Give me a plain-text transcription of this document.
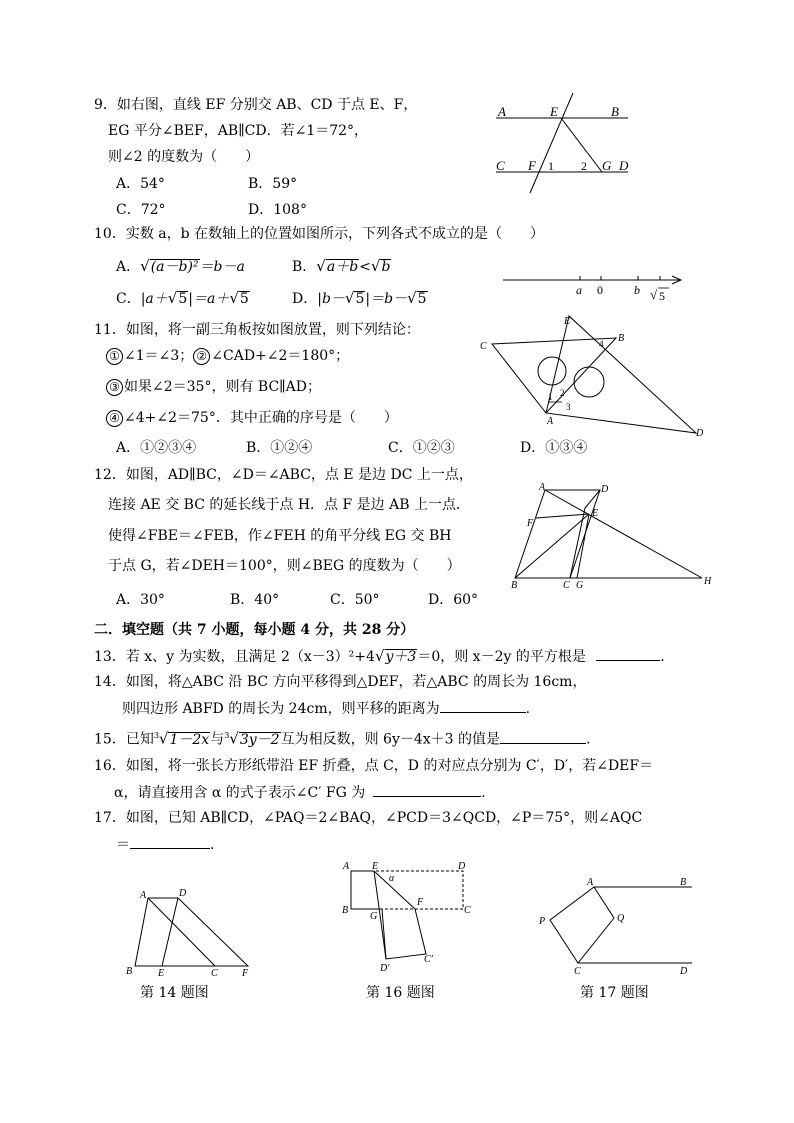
9．如右图，直线 EF 分别交 AB、CD 于点 E、F，
EG 平分∠BEF，AB∥CD．若∠1＝72°，
则∠2 的度数为（　　）
A．54°	B．59°
C．72°	D．108°
A	E	B
C F 1 2 G D
10．实数 a，b 在数轴上的位置如图所示，下列各式不成立的是（　　）
A．√(a－b)²＝b－a	B．√a＋b<√b
C．|a＋√5|＝a＋√5	D．|b－√5|＝b－√5
a 0	b √ 5
11．如图，将一副三角板按如图放置，则下列结论：
① ∠1＝∠3； ② ∠CAD+∠2＝180°；
③ 如果∠2＝35°，则有 BC∥AD；
④ ∠4+∠2＝75°．其中正确的序号是（　　）
A．①②③④	B．①②④	C．①②③	D．①③④
E
C
B
4
1 2
3
A
D
12．如图，AD∥BC，∠D＝∠ABC，点 E 是边 DC 上一点，
连接 AE 交 BC 的延长线于点 H．点 F 是边 AB 上一点．
使得∠FBE＝∠FEB，作∠FEH 的角平分线 EG 交 BH
于点 G，若∠DEH＝100°，则∠BEG 的度数为（　　）
A．30°	B．40°	C．50°	D．60°
A	D
F
E
B	C G	H
二．填空题（共 7 小题，每小题 4 分，共 28 分）
13．若 x、y 为实数，且满足 2（x－3）²+4√y＋3＝0，则 x－2y 的平方根是	.
14．如图，将△ABC 沿 BC 方向平移得到△DEF，若△ABC 的周长为 16cm，
则四边形 ABFD 的周长为 24cm，则平移的距离为	.
15．已知$^3$√1－2x与$^3$√3y－2互为相反数，则 6y－4x＋3 的值是	.
16．如图，将一张长方形纸带沿 EF 折叠，点 C，D 的对应点分别为 C′，D′，若∠DEF＝
α，请直接用含 α 的式子表示∠C′ FG 为	.
17．如图，已知 AB∥CD，∠PAQ＝2∠BAQ，∠PCD＝3∠QCD，∠P＝75°，则∠AQC
＝	.
A	D
B	E	C F
第 14 题图
A E	D
α
F
B
G
C
D′
C′
第 16 题图
A	B
P	Q
C	D
第 17 题图
